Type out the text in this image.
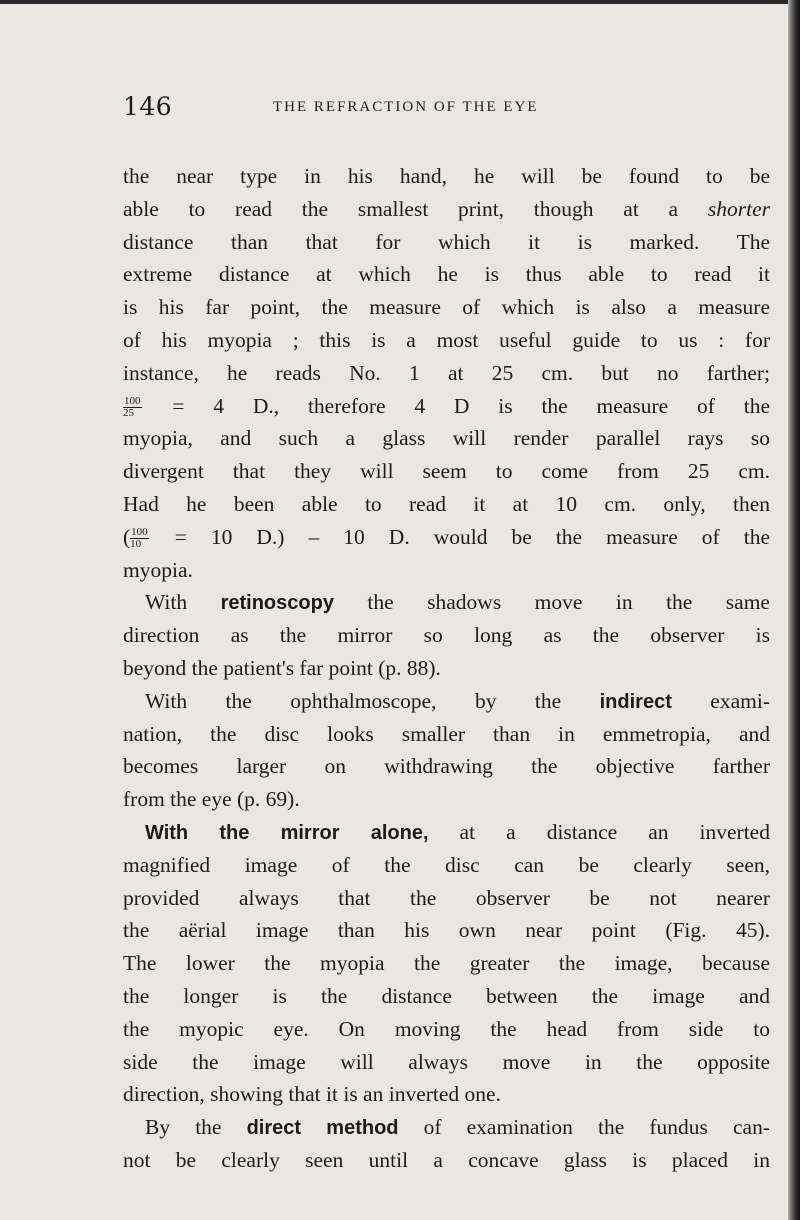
146	THE REFRACTION OF THE EYE
the near type in his hand, he will be found to be
able to read the smallest print, though at a shorter
distance than that for which it is marked. The
extreme distance at which he is thus able to read it
is his far point, the measure of which is also a measure
of his myopia ; this is a most useful guide to us : for
instance, he reads No. 1 at 25 cm. but no farther;
$\frac{100}{25} = 4$ D., therefore 4 D is the measure of the
myopia, and such a glass will render parallel rays so
divergent that they will seem to come from 25 cm.
Had he been able to read it at 10 cm. only, then
( $\frac{100}{10} = 10$ D.) – 10 D. would be the measure of the
myopia.
With retinoscopy the shadows move in the same
direction as the mirror so long as the observer is
beyond the patient's far point (p. 88).
With the ophthalmoscope, by the indirect exami-
nation, the disc looks smaller than in emmetropia, and
becomes larger on withdrawing the objective farther
from the eye (p. 69).
With the mirror alone, at a distance an inverted
magnified image of the disc can be clearly seen,
provided always that the observer be not nearer
the aërial image than his own near point (Fig. 45).
The lower the myopia the greater the image, because
the longer is the distance between the image and
the myopic eye. On moving the head from side to
side the image will always move in the opposite
direction, showing that it is an inverted one.
By the direct method of examination the fundus can-
not be clearly seen until a concave glass is placed in
